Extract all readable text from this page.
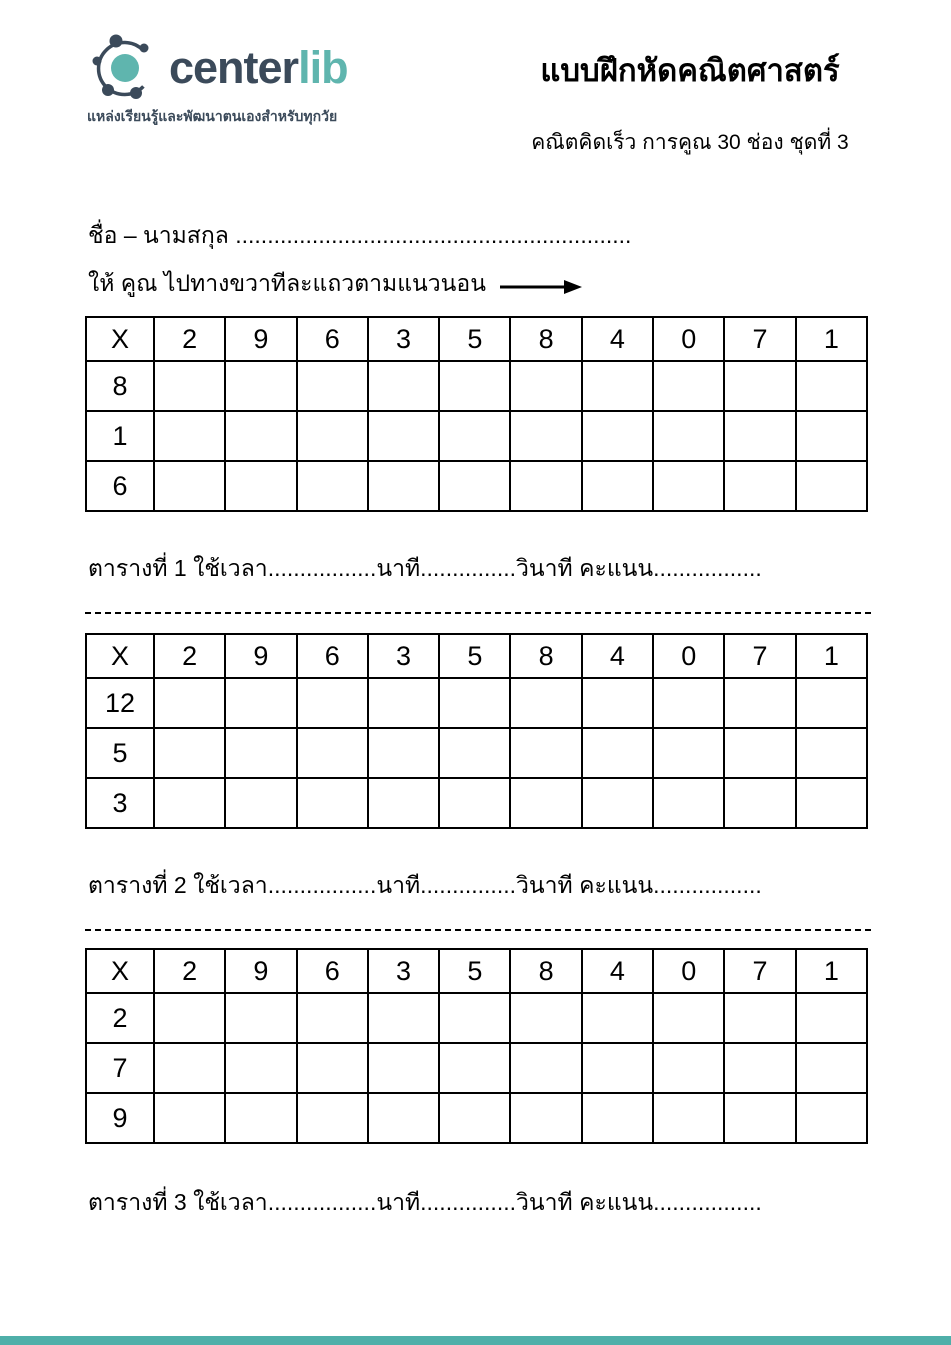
centerlib
แหล่งเรียนรู้และพัฒนาตนเองสำหรับทุกวัย
แบบฝึกหัดคณิตศาสตร์
คณิตคิดเร็ว การคูณ 30 ช่อง ชุดที่ 3
ชื่อ – นามสกุล ..............................................................
ให้ คูณ ไปทางขวาทีละแถวตามแนวนอน
X	2	9	6	3	5	8	4	0	7	1
8										
1										
6										
ตารางที่ 1 ใช้เวลา.................นาที...............วินาที คะแนน.................
X	2	9	6	3	5	8	4	0	7	1
12										
5										
3										
ตารางที่ 2 ใช้เวลา.................นาที...............วินาที คะแนน.................
X	2	9	6	3	5	8	4	0	7	1
2										
7										
9										
ตารางที่ 3 ใช้เวลา.................นาที...............วินาที คะแนน.................
